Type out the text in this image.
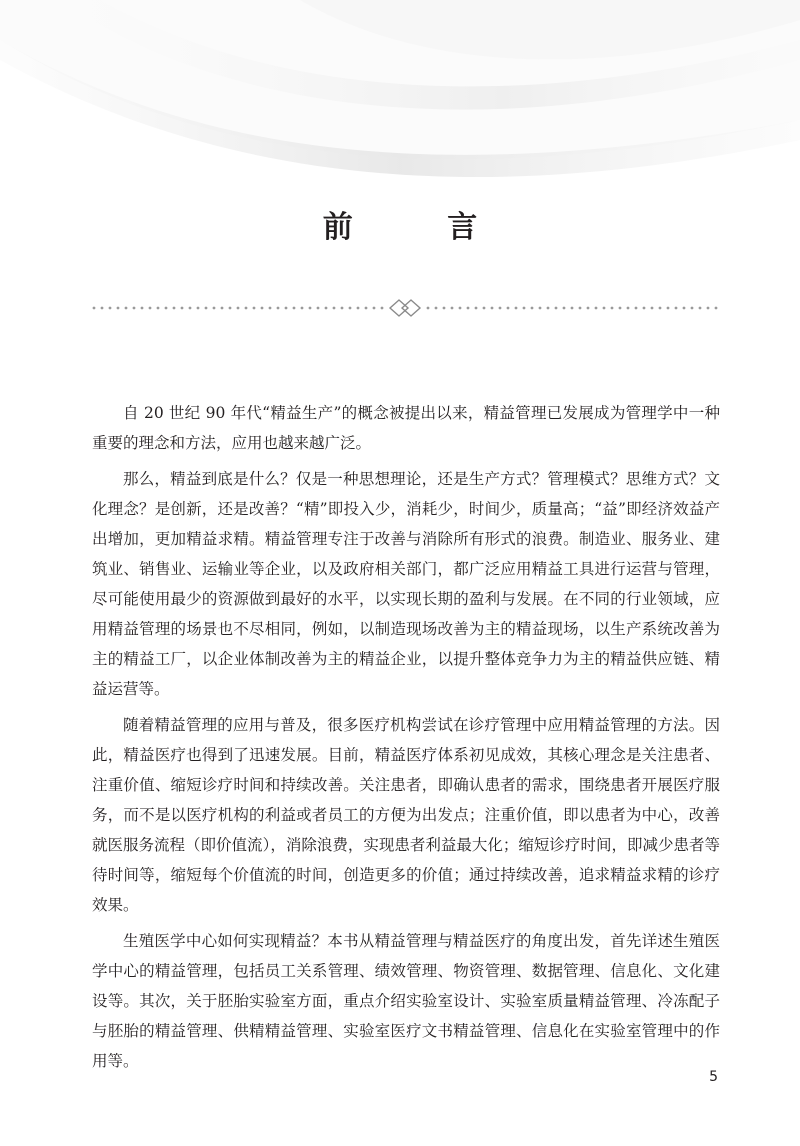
前 言

自 20 世纪 90 年代“精益生产”的概念被提出以来，精益管理已发展成为管理学中一种重要的理念和方法，应用也越来越广泛。

那么，精益到底是什么？仅是一种思想理论，还是生产方式？管理模式？思维方式？文化理念？是创新，还是改善？“精”即投入少，消耗少，时间少，质量高；“益”即经济效益产出增加，更加精益求精。精益管理专注于改善与消除所有形式的浪费。制造业、服务业、建筑业、销售业、运输业等企业，以及政府相关部门，都广泛应用精益工具进行运营与管理，尽可能使用最少的资源做到最好的水平，以实现长期的盈利与发展。在不同的行业领域，应用精益管理的场景也不尽相同，例如，以制造现场改善为主的精益现场，以生产系统改善为主的精益工厂，以企业体制改善为主的精益企业，以提升整体竞争力为主的精益供应链、精益运营等。

随着精益管理的应用与普及，很多医疗机构尝试在诊疗管理中应用精益管理的方法。因此，精益医疗也得到了迅速发展。目前，精益医疗体系初见成效，其核心理念是关注患者、注重价值、缩短诊疗时间和持续改善。关注患者，即确认患者的需求，围绕患者开展医疗服务，而不是以医疗机构的利益或者员工的方便为出发点；注重价值，即以患者为中心，改善就医服务流程（即价值流），消除浪费，实现患者利益最大化；缩短诊疗时间，即减少患者等待时间等，缩短每个价值流的时间，创造更多的价值；通过持续改善，追求精益求精的诊疗效果。

生殖医学中心如何实现精益？本书从精益管理与精益医疗的角度出发，首先详述生殖医学中心的精益管理，包括员工关系管理、绩效管理、物资管理、数据管理、信息化、文化建设等。其次，关于胚胎实验室方面，重点介绍实验室设计、实验室质量精益管理、冷冻配子与胚胎的精益管理、供精精益管理、实验室医疗文书精益管理、信息化在实验室管理中的作用等。

5
